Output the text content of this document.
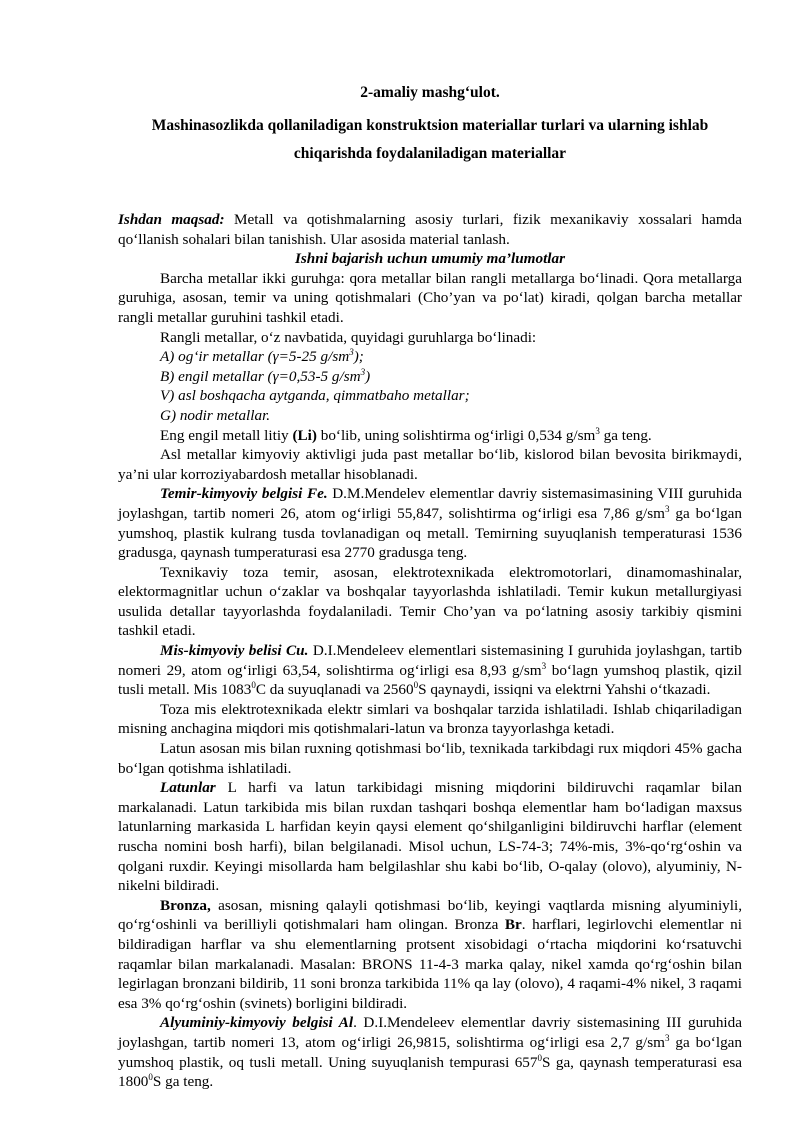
2-amaliy mashg‘ulot.

Mashinasozlikda qollaniladigan konstruktsion materiallar turlari va ularning ishlab chiqarishda foydalaniladigan materiallar

Ishdan maqsad: Metall va qotishmalarning asosiy turlari, fizik mexanikaviy xossalari hamda qo‘llanish sohalari bilan tanishish. Ular asosida material tanlash.

Ishni bajarish uchun umumiy ma’lumotlar

Barcha metallar ikki guruhga: qora metallar bilan rangli metallarga bo‘linadi. Qora metallarga guruhiga, asosan, temir va uning qotishmalari (Cho’yan va po‘lat) kiradi, qolgan barcha metallar rangli metallar guruhini tashkil etadi.

Rangli metallar, o‘z navbatida, quyidagi guruhlarga bo‘linadi:

A) og‘ir metallar (γ=5-25 $g/sm^3$);

B) engil metallar (γ=0,53-5 $g/sm^3$)

V) asl boshqacha aytganda, qimmatbaho metallar;

G) nodir metallar.

Eng engil metall litiy (Li) bo‘lib, uning solishtirma og‘irligi 0,534 $g/sm^3$ ga teng.

Asl metallar kimyoviy aktivligi juda past metallar bo‘lib, kislorod bilan bevosita birikmaydi, ya’ni ular korroziyabardosh metallar hisoblanadi.

Temir-kimyoviy belgisi Fe. D.M.Mendelev elementlar davriy sistemasimasining VIII guruhida joylashgan, tartib nomeri 26, atom og‘irligi 55,847, solishtirma og‘irligi esa 7,86 $g/sm^3$ ga bo‘lgan yumshoq, plastik kulrang tusda tovlanadigan oq metall. Temirning suyuqlanish temperaturasi 1536 gradusga, qaynash tumperaturasi esa 2770 gradusga teng.

Texnikaviy toza temir, asosan, elektrotexnikada elektromotorlari, dinamomashinalar, elektormagnitlar uchun o‘zaklar va boshqalar tayyorlashda ishlatiladi. Temir kukun metallurgiyasi usulida detallar tayyorlashda foydalaniladi. Temir Cho’yan va po‘latning asosiy tarkibiy qismini tashkil etadi.

Mis-kimyoviy belisi Cu. D.I.Mendeleev elementlari sistemasining I guruhida joylashgan, tartib nomeri 29, atom og‘irligi 63,54, solishtirma og‘irligi esa 8,93 $g/sm^3$ bo‘lagn yumshoq plastik, qizil tusli metall. Mis 1083$^0$C da suyuqlanadi va 2560$^0$S qaynaydi, issiqni va elektrni Yahshi o‘tkazadi.

Toza mis elektrotexnikada elektr simlari va boshqalar tarzida ishlatiladi. Ishlab chiqariladigan misning anchagina miqdori mis qotishmalari-latun va bronza tayyorlashga ketadi.

Latun asosan mis bilan ruxning qotishmasi bo‘lib, texnikada tarkibdagi rux miqdori 45% gacha bo‘lgan qotishma ishlatiladi.

Latunlar L harfi va latun tarkibidagi misning miqdorini bildiruvchi raqamlar bilan markalanadi. Latun tarkibida mis bilan ruxdan tashqari boshqa elementlar ham bo‘ladigan maxsus latunlarning markasida L harfidan keyin qaysi element qo‘shilganligini bildiruvchi harflar (element ruscha nomini bosh harfi), bilan belgilanadi. Misol uchun, LS-74-3; 74%-mis, 3%-qo‘rg‘oshin va qolgani ruxdir. Keyingi misollarda ham belgilashlar shu kabi bo‘lib, O-qalay (olovo), alyuminiy, N-nikelni bildiradi.

Bronza, asosan, misning qalayli qotishmasi bo‘lib, keyingi vaqtlarda misning alyuminiyli, qo‘rg‘oshinli va berilliyli qotishmalari ham olingan. Bronza Br. harflari, legirlovchi elementlar ni bildiradigan harflar va shu elementlarning protsent xisobidagi o‘rtacha miqdorini ko‘rsatuvchi raqamlar bilan markalanadi. Masalan: BRONS 11-4-3 marka qalay, nikel xamda qo‘rg‘oshin bilan legirlagan bronzani bildirib, 11 soni bronza tarkibida 11% qa lay (olovo), 4 raqami-4% nikel, 3 raqami esa 3% qo‘rg‘oshin (svinets) borligini bildiradi.

Alyuminiy-kimyoviy belgisi Al. D.I.Mendeleev elementlar davriy sistemasining III guruhida joylashgan, tartib nomeri 13, atom og‘irligi 26,9815, solishtirma og‘irligi esa 2,7 $g/sm^3$ ga bo‘lgan yumshoq plastik, oq tusli metall. Uning suyuqlanish tempurasi $657^0S$ ga, qaynash temperaturasi esa 1800$^0$S ga teng.
